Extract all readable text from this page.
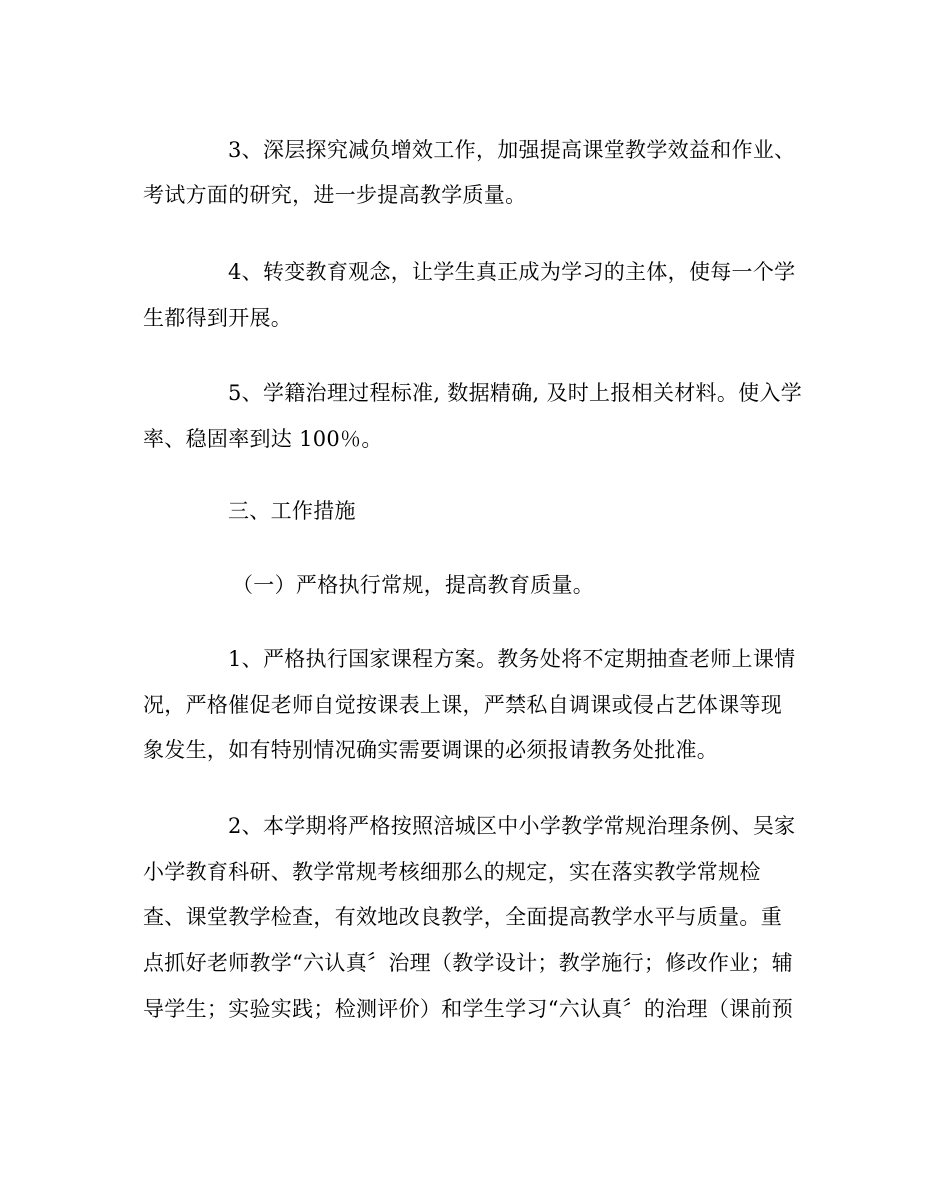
3、深层探究减负增效工作，加强提高课堂教学效益和作业、
考试方面的研究，进一步提高教学质量。
4、转变教育观念，让学生真正成为学习的主体，使每一个学
生都得到开展。
5、学籍治理过程标准, 数据精确, 及时上报相关材料。使入学
率、稳固率到达 100％。
三、工作措施
（一）严格执行常规，提高教育质量。
1、严格执行国家课程方案。教务处将不定期抽查老师上课情
况，严格催促老师自觉按课表上课，严禁私自调课或侵占艺体课等现
象发生，如有特别情况确实需要调课的必须报请教务处批准。
2、本学期将严格按照涪城区中小学教学常规治理条例、吴家
小学教育科研、教学常规考核细那么的规定，实在落实教学常规检
查、课堂教学检查，有效地改良教学，全面提高教学水平与质量。重
点抓好老师教学“六认真〞治理（教学设计；教学施行；修改作业；辅
导学生；实验实践；检测评价）和学生学习“六认真〞的治理（课前预
